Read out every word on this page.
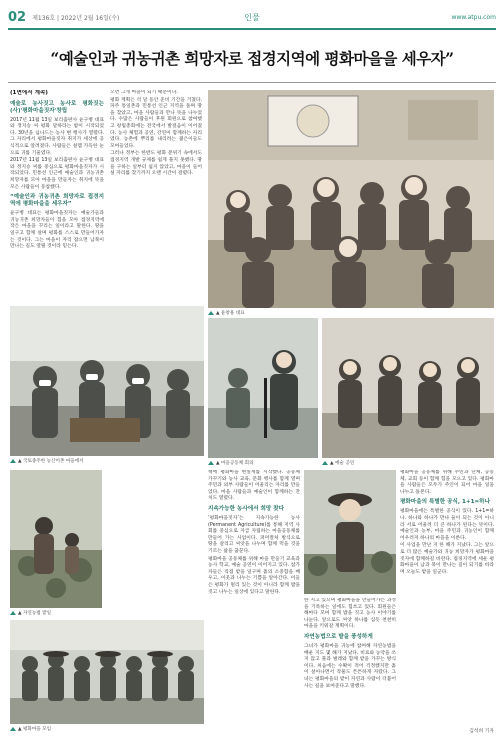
02 제136호 | 2022년 2월 16일(수)	인물	www.atpu.com
“예술인과 귀농귀촌 희망자로 접경지역에 평화마을을 세우자”
(1면에서 계속)
예술로 농사짓고 농사로 평화짓는 (사)'평화마을짓자'창립

2017년 11월 13일 보리출판사 윤구병 대표와 정지승 씨 평화 달하라는 밤이 시작되었다. 30년을 넘나드는 농사 변 행사가 열렸다. 그 자리에서 평화마을짓자 취지가 세상에 공식적으로 알려졌다. 사람들은 설렘 가득한 눈으로 귀를 기울였다.

2017년 11월 13일 보리출판사 윤구병 대표와 정지승 씨를 중심으로 평화마을짓자가 시작되었다. 민통선 인근에 예술인과 귀농귀촌 희망자를 모아 마을을 만들자는 취지에 뜻을 모은 사람들이 동참했다.

“예술인과 귀농귀촌 희망자로 접경지역에 평화마을을 세우자”

윤구병 대표는 평화마을짓자는 예술가들과 귀농귀촌 희망자들이 힘을 모아 접경지역에 작은 마을을 꾸리는 일이라고 말한다. 땅을 일구고 함께 살며 평화를 스스로 만들어가자는 것이다. 그는 마을이 자리 잡으면 남북이 만나는 길도 열릴 것이라 믿는다.

오면 그게 마을이 되기 때문이다.

평화 계획은 석 달 동안 준비 기간을 거쳤다. 파주 통일촌과 민통선 인근 지역을 돌며 땅을 찾았고, 마을 사람들과 만나 뜻을 나누었다. 수많은 사람들이 후원 회원으로 참여했고 창립총회에는 전국에서 발걸음이 이어졌다. 농사 체험과 공연, 강연이 함께하는 자리였다. 농촌에 뿌리를 내리려는 젊은이들도 모여들었다.

그러나 정부는 한반도 평화 분위기 속에서도 접경지역 개발 규제를 쉽게 풀지 못했다. 땅을 구하는 일부터 쉽지 않았고, 마을이 들어설 자리를 찾기까지 오랜 시간이 걸렸다.

▲ 윤창용 대표
▲ 국토종주한 농산어촌 마을에서	▲ 마을공동체 회의	▲ 예술 공연
▲ 자연농법 밭일
▲ 평화마을 모임

책에 평화마을 현실계를 시작했다. 공동체 가꾸기와 농사 교육, 문화 행사를 함께 열며 주민과 외부 사람들이 어울리는 자리를 만들었다. 마을 사람들과 예술인이 함께하는 잔치도 열렸다.

지속가능한 농사에서 희망 찾다

‘평화마을짓자’는 지속가능한 농사 (Permanent Agriculture)를 통해 지역 사회를 중심으로 자급 자립하는 마을공동체를 만들어 가는 사업이다. 퍼머컬처 방식으로 땅을 살리고 씨앗을 나누며 함께 먹을 것을 기르는 삶을 꿈꾼다.

평화마을 공동체를 위해 마을 만들기 교육과 농사 학교, 예술 공연이 이어지고 있다. 참가자들은 직접 밭을 일구며 흙의 소중함을 배우고, 이웃과 나누는 기쁨을 알아간다. 이들은 평화가 멀리 있는 것이 아니라 함께 밥을 짓고 나누는 일상에 있다고 말한다.

한 지고 있으며 평화마을을 만들어가는 과정을 기록하는 일에도 힘쓰고 있다. 회원들은 해마다 모여 함께 밥을 짓고 농사 이야기를 나눈다. 앞으로도 씨앗 하나를 심듯 천천히 마을을 키워갈 계획이다.

자연농법으로 밭을 풍성하게

그녀가 평화마을 귀농에 참여해 자연농법을 배운 지도 몇 해가 지났다. 비료와 농약을 쓰지 않고 풀과 벌레와 함께 밭을 가꾸는 방식이다. 처음에는 수확이 적어 걱정했지만 흙이 살아나면서 작물도 튼튼하게 자랐다. 그녀는 평화마을의 밭이 자연과 사람이 더불어 사는 길을 보여준다고 말했다.

평화마을 공동체를 위해 주민과 단체, 공동체, 교회 등이 함께 힘을 모으고 있다. 평화마을 사람들은 모두가 주인이 되어 마을 일을 나누고 돌본다.

평화마을의 특별한 공식, 1+1=하나

평화마을에는 특별한 공식이 있다. 1+1=하나. 하나와 하나가 만나 둘이 되는 것이 아니라 서로 어울려 더 큰 하나가 된다는 뜻이다. 예술인과 농부, 마을 주민과 귀농인이 함께 어우러져 하나의 마을을 이룬다.

이 사업을 만난 지 한 해가 지났다. 그는 앞으로 더 많은 예술가와 귀농 희망자가 평화마을짓자에 함께하길 바란다. 접경지역에 세운 평화마을이 남과 북이 만나는 길이 되기를 바라며 오늘도 밭을 일군다.

김석희 기자
